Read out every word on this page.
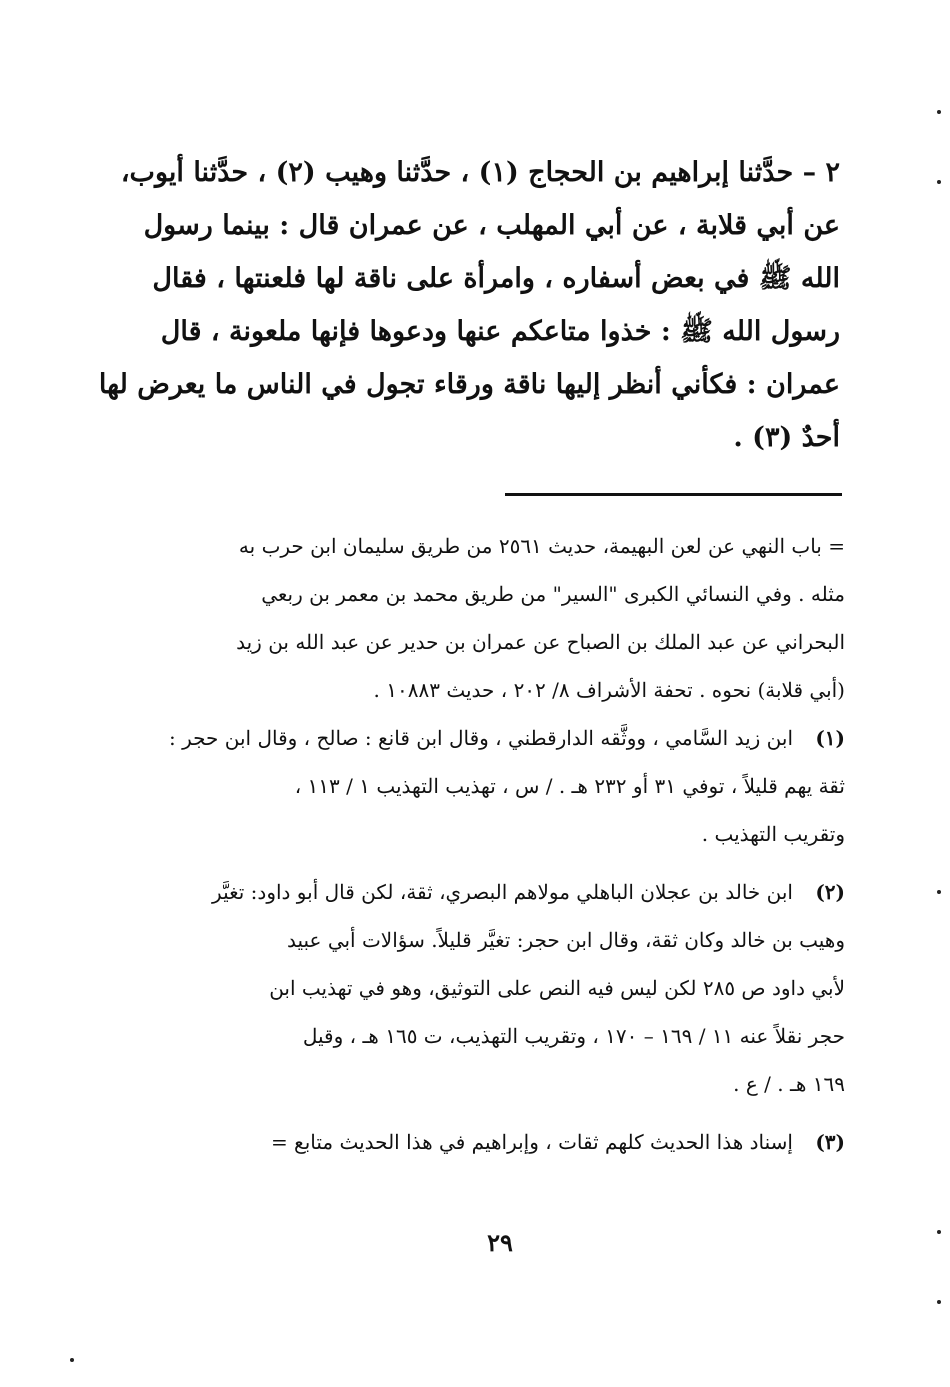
٢ – حدَّثنا إبراهيم بن الحجاج (١) ، حدَّثنا وهيب (٢) ، حدَّثنا أيوب،
عن أبي قلابة ، عن أبي المهلب ، عن عمران قال : بينما رسول
الله ﷺ في بعض أسفاره ، وامرأة على ناقة لها فلعنتها ، فقال
رسول الله ﷺ : خذوا متاعكم عنها ودعوها فإنها ملعونة ، قال
عمران : فكأني أنظر إليها ناقة ورقاء تجول في الناس ما يعرض لها
أحدٌ (٣) .
= باب النهي عن لعن البهيمة، حديث ٢٥٦١ من طريق سليمان ابن حرب به
مثله . وفي النسائي الكبرى "السير" من طريق محمد بن معمر بن ربعي
البحراني عن عبد الملك بن الصباح عن عمران بن حدير عن عبد الله بن زيد
(أبي قلابة) نحوه . تحفة الأشراف ٨/ ٢٠٢ ، حديث ١٠٨٨٣ .
(١)ابن زيد السَّامي ، ووثَّقه الدارقطني ، وقال ابن قانع : صالح ، وقال ابن حجر :
ثقة يهم قليلاً ، توفي ٣١ أو ٢٣٢ هـ . / س ، تهذيب التهذيب ١ / ١١٣ ،
وتقريب التهذيب .
(٢)ابن خالد بن عجلان الباهلي مولاهم البصري، ثقة، لكن قال أبو داود: تغيَّر
وهيب بن خالد وكان ثقة، وقال ابن حجر: تغيَّر قليلاً. سؤالات أبي عبيد
لأبي داود ص ٢٨٥ لكن ليس فيه النص على التوثيق، وهو في تهذيب ابن
حجر نقلاً عنه ١١ / ١٦٩ – ١٧٠ ، وتقريب التهذيب، ت ١٦٥ هـ ، وقيل
١٦٩ هـ . / ع .
(٣)إسناد هذا الحديث كلهم ثقات ، وإبراهيم في هذا الحديث متابع =
٢٩
